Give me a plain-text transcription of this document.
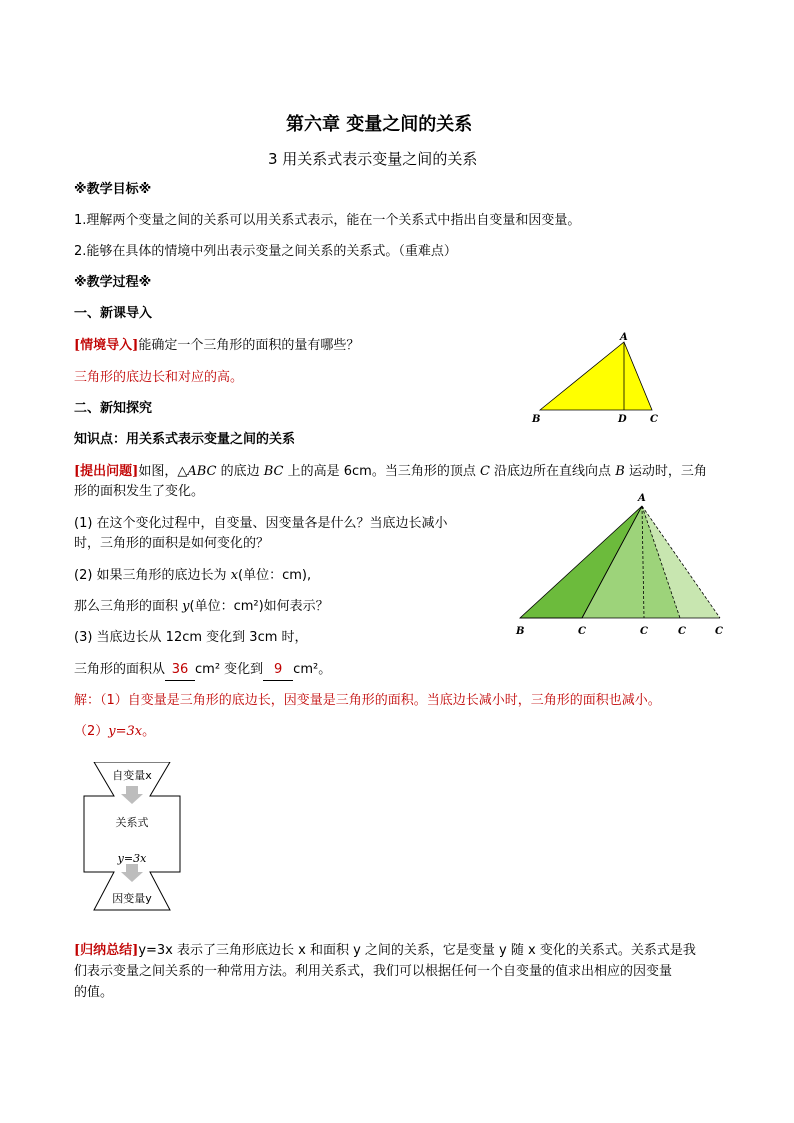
第六章 变量之间的关系
3 用关系式表示变量之间的关系
※教学目标※
1.理解两个变量之间的关系可以用关系式表示，能在一个关系式中指出自变量和因变量。
2.能够在具体的情境中列出表示变量之间关系的关系式。（重难点）
※教学过程※
一、新课导入
[情境导入]能确定一个三角形的面积的量有哪些？
三角形的底边长和对应的高。
二、新知探究
知识点：用关系式表示变量之间的关系
A
B	D C
[提出问题]如图，△ABC 的底边 BC 上的高是 6cm。当三角形的顶点 C 沿底边所在直线向点 B 运动时，三角
形的面积发生了变化。
(1) 在这个变化过程中，自变量、因变量各是什么？当底边长减小
时，三角形的面积是如何变化的？
(2) 如果三角形的底边长为 x(单位：cm),
那么三角形的面积 y(单位：cm²)如何表示？
(3) 当底边长从 12cm 变化到 3cm 时，
三角形的面积从 36 cm² 变化到 9 cm²。
A
B	C	C	C	C
解：（1）自变量是三角形的底边长，因变量是三角形的面积。当底边长减小时，三角形的面积也减小。
（2）y=3x。
自变量x
关系式
y=3x
因变量y
[归纳总结]y=3x 表示了三角形底边长 x 和面积 y 之间的关系，它是变量 y 随 x 变化的关系式。关系式是我
们表示变量之间关系的一种常用方法。利用关系式，我们可以根据任何一个自变量的值求出相应的因变量
的值。
